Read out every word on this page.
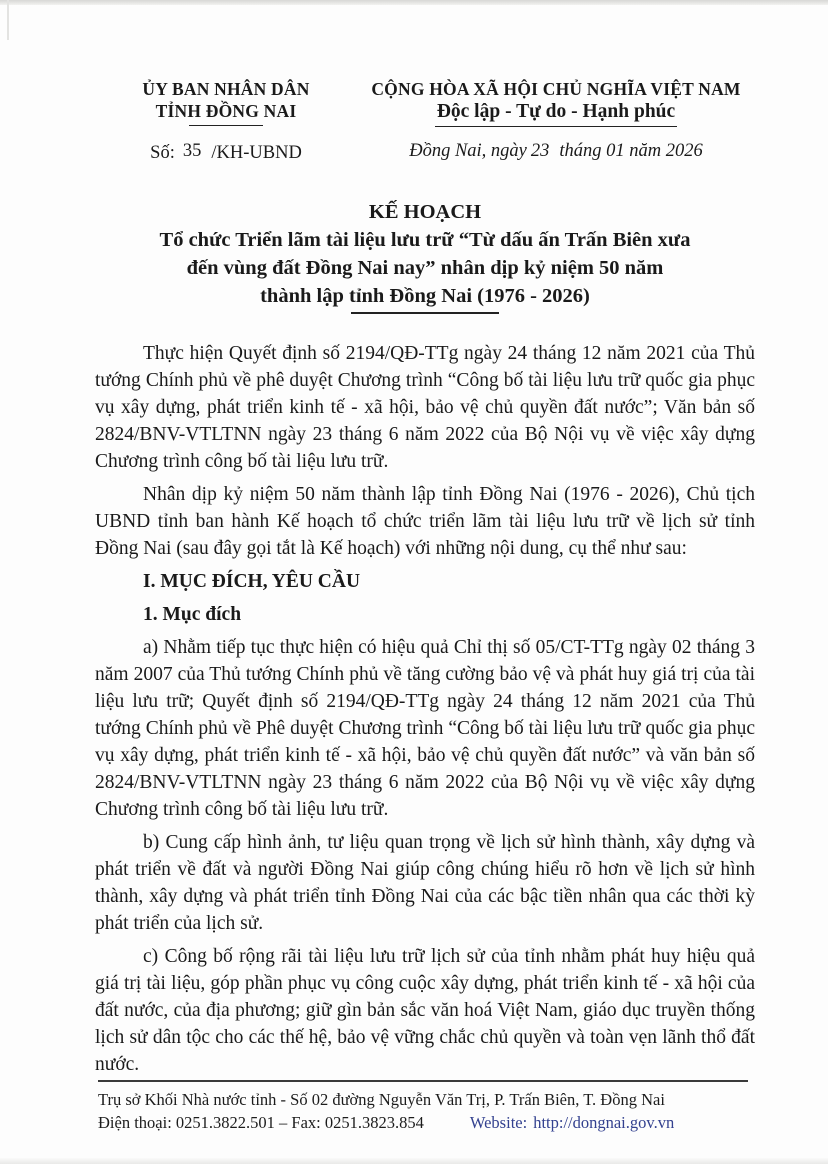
ỦY BAN NHÂN DÂN
TỈNH ĐỒNG NAI
Số: 35 /KH-UBND
CỘNG HÒA XÃ HỘI CHỦ NGHĨA VIỆT NAM
Độc lập - Tự do - Hạnh phúc
Đồng Nai, ngày 23 tháng 01 năm 2026
KẾ HOẠCH
Tổ chức Triển lãm tài liệu lưu trữ “Từ dấu ấn Trấn Biên xưa
đến vùng đất Đồng Nai nay” nhân dịp kỷ niệm 50 năm
thành lập tỉnh Đồng Nai (1976 - 2026)

Thực hiện Quyết định số 2194/QĐ-TTg ngày 24 tháng 12 năm 2021 của Thủ tướng Chính phủ về phê duyệt Chương trình “Công bố tài liệu lưu trữ quốc gia phục vụ xây dựng, phát triển kinh tế - xã hội, bảo vệ chủ quyền đất nước”; Văn bản số 2824/BNV-VTLTNN ngày 23 tháng 6 năm 2022 của Bộ Nội vụ về việc xây dựng Chương trình công bố tài liệu lưu trữ.

Nhân dịp kỷ niệm 50 năm thành lập tỉnh Đồng Nai (1976 - 2026), Chủ tịch UBND tỉnh ban hành Kế hoạch tổ chức triển lãm tài liệu lưu trữ về lịch sử tỉnh Đồng Nai (sau đây gọi tắt là Kế hoạch) với những nội dung, cụ thể như sau:

I. MỤC ĐÍCH, YÊU CẦU

1. Mục đích

a) Nhằm tiếp tục thực hiện có hiệu quả Chỉ thị số 05/CT-TTg ngày 02 tháng 3 năm 2007 của Thủ tướng Chính phủ về tăng cường bảo vệ và phát huy giá trị của tài liệu lưu trữ; Quyết định số 2194/QĐ-TTg ngày 24 tháng 12 năm 2021 của Thủ tướng Chính phủ về Phê duyệt Chương trình “Công bố tài liệu lưu trữ quốc gia phục vụ xây dựng, phát triển kinh tế - xã hội, bảo vệ chủ quyền đất nước” và văn bản số 2824/BNV-VTLTNN ngày 23 tháng 6 năm 2022 của Bộ Nội vụ về việc xây dựng Chương trình công bố tài liệu lưu trữ.

b) Cung cấp hình ảnh, tư liệu quan trọng về lịch sử hình thành, xây dựng và phát triển về đất và người Đồng Nai giúp công chúng hiểu rõ hơn về lịch sử hình thành, xây dựng và phát triển tỉnh Đồng Nai của các bậc tiền nhân qua các thời kỳ phát triển của lịch sử.

c) Công bố rộng rãi tài liệu lưu trữ lịch sử của tỉnh nhằm phát huy hiệu quả giá trị tài liệu, góp phần phục vụ công cuộc xây dựng, phát triển kinh tế - xã hội của đất nước, của địa phương; giữ gìn bản sắc văn hoá Việt Nam, giáo dục truyền thống lịch sử dân tộc cho các thế hệ, bảo vệ vững chắc chủ quyền và toàn vẹn lãnh thổ đất nước.

Trụ sở Khối Nhà nước tỉnh - Số 02 đường Nguyễn Văn Trị, P. Trấn Biên, T. Đồng Nai
Điện thoại: 0251.3822.501 – Fax: 0251.3823.854	Website: http://dongnai.gov.vn
